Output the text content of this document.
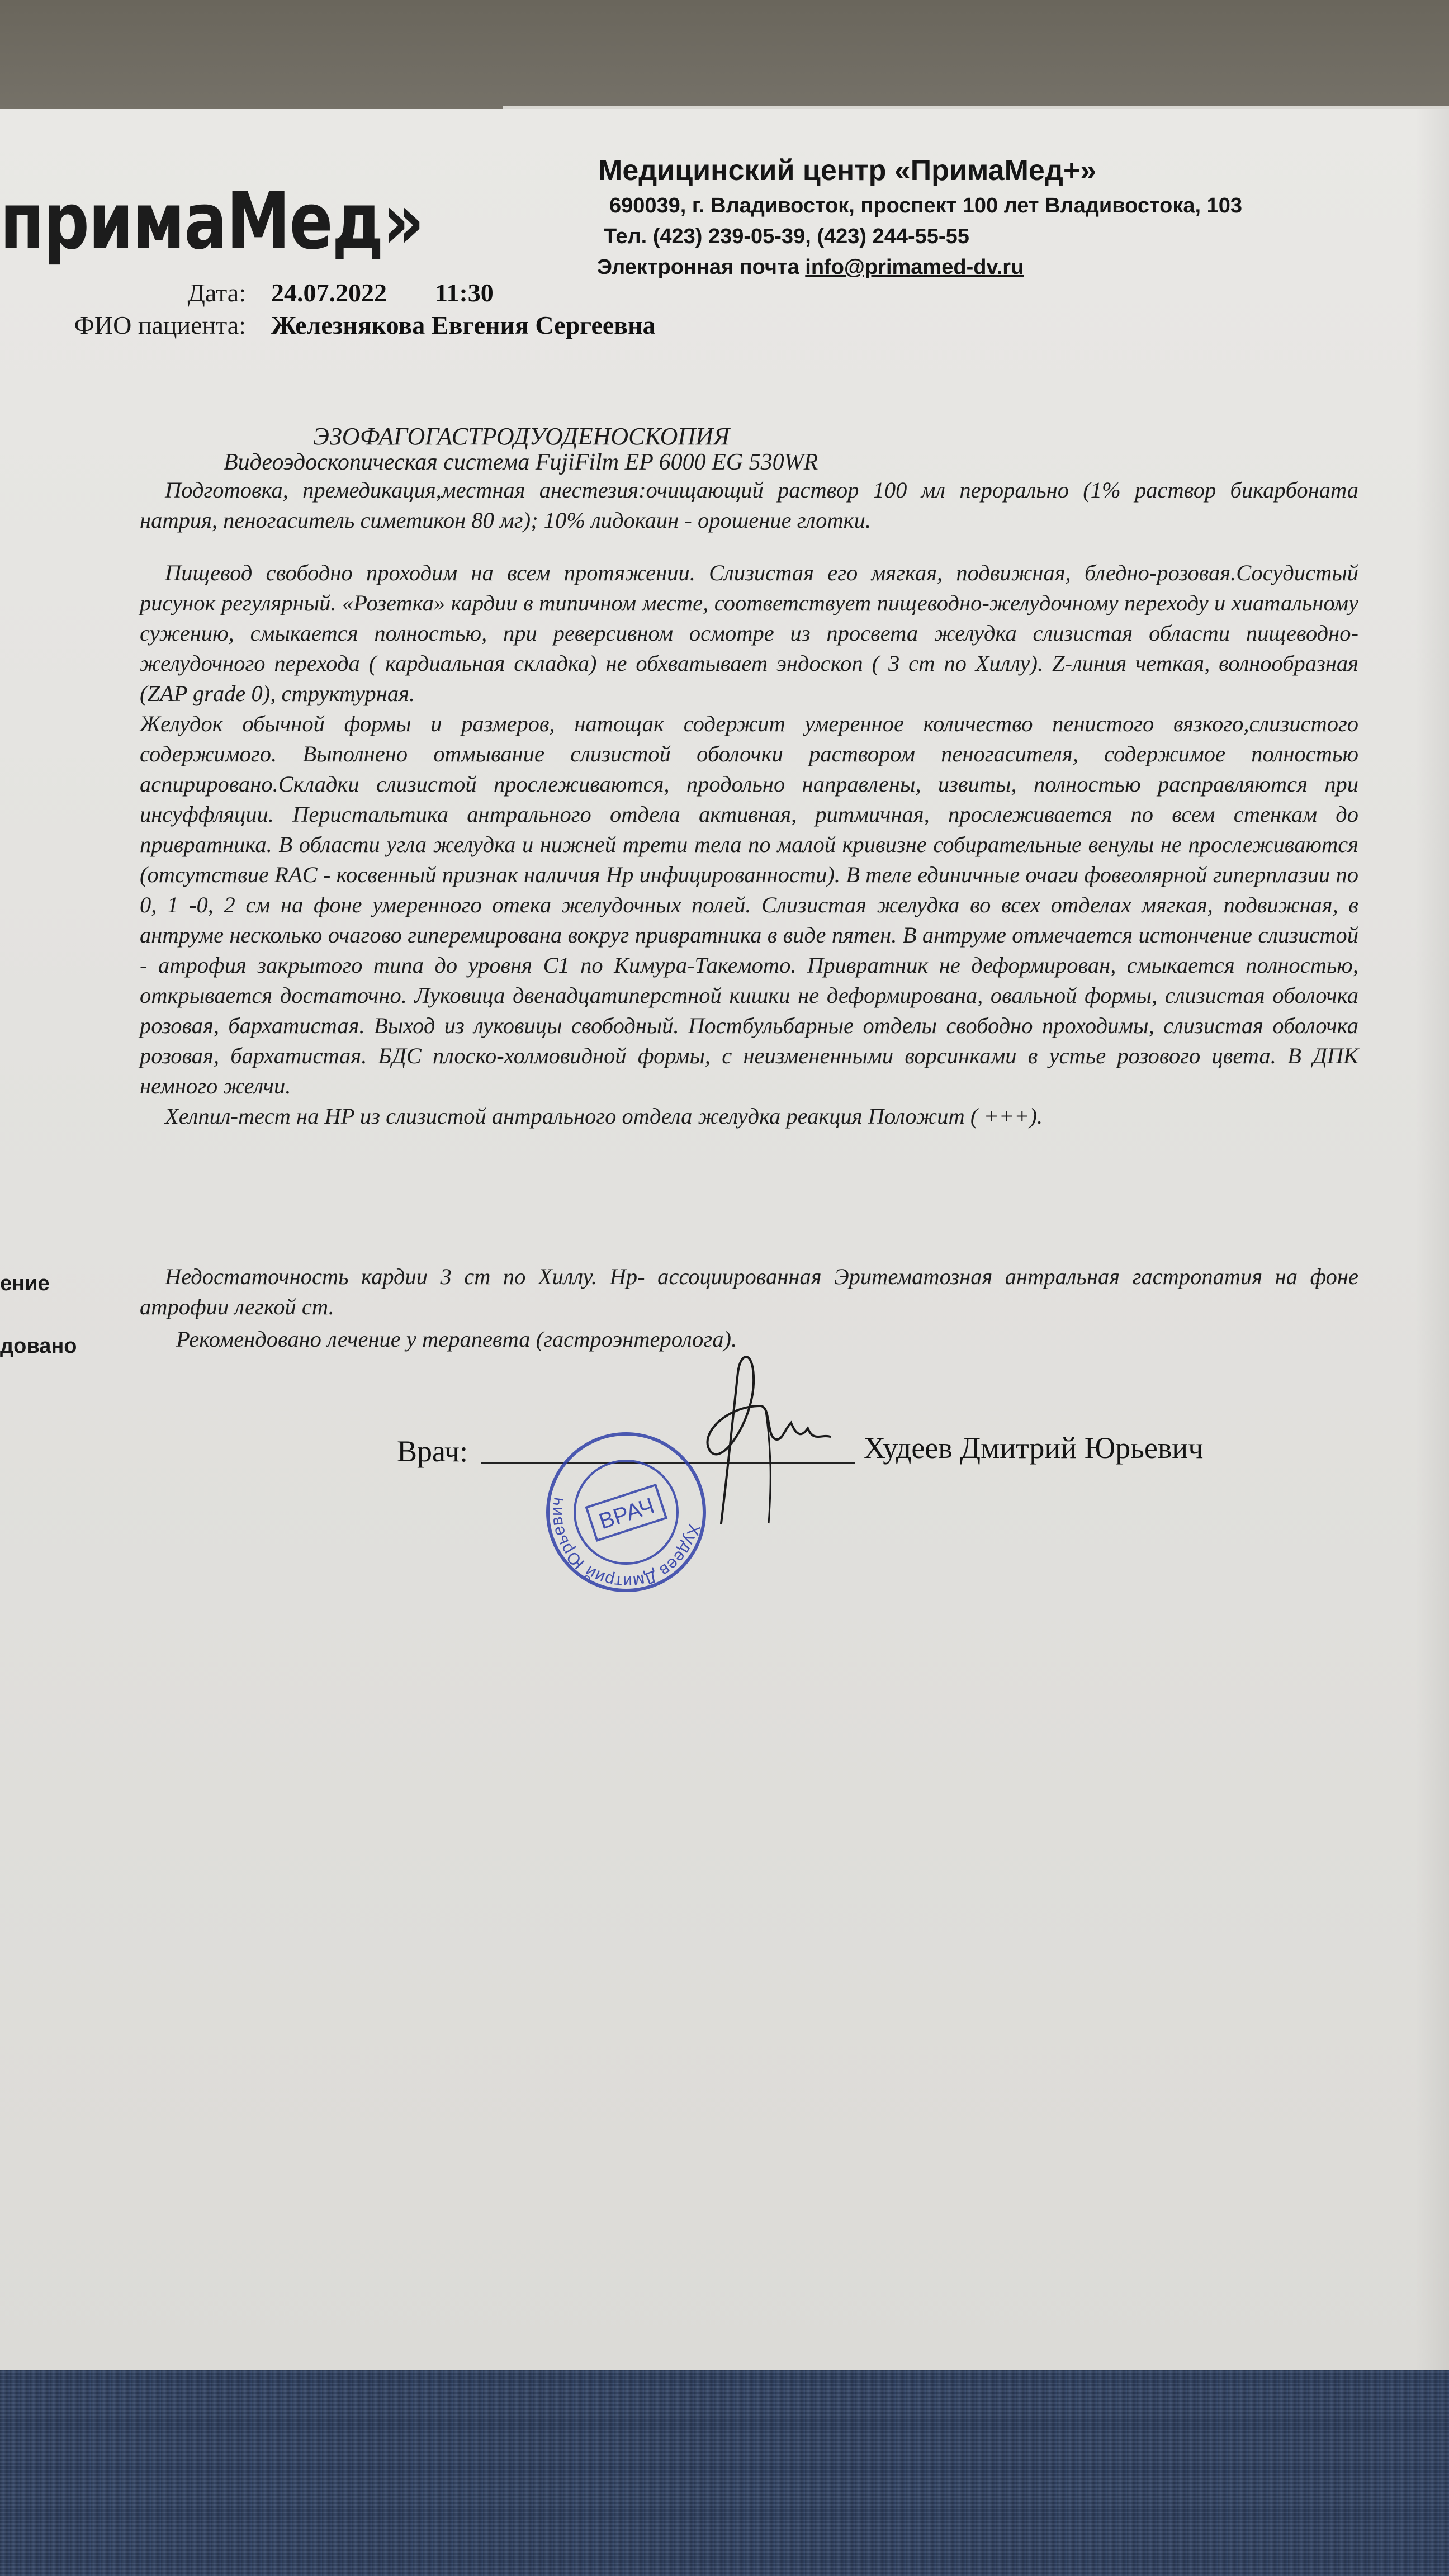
примаМед»
Медицинский центр «ПримаМед+»
690039, г. Владивосток, проспект 100 лет Владивостока, 103
Тел. (423) 239-05-39, (423) 244-55-55
Электронная почта info@primamed-dv.ru
Дата: 24.07.2022 11:30
ФИО пациента: Железнякова Евгения Сергеевна
ЭЗОФАГОГАСТРОДУОДЕНОСКОПИЯ
Видеоэдоскопическая система FujiFilm EP 6000 EG 530WR

Подготовка, премедикация,местная анестезия:очищающий раствор 100 мл перорально (1% раствор бикарбоната натрия, пеногаситель симетикон 80 мг); 10% лидокаин - орошение глотки.

Пищевод свободно проходим на всем протяжении. Слизистая его мягкая, подвижная, бледно-розовая.Сосудистый рисунок регулярный. «Розетка» кардии в типичном месте, соответствует пищеводно-желудочному переходу и хиатальному сужению, смыкается полностью, при реверсивном осмотре из просвета желудка слизистая области пищеводно-желудочного перехода ( кардиальная складка) не обхватывает эндоскоп ( 3 ст по Хиллу). Z-линия четкая, волнообразная (ZAP grade 0), структурная.

Желудок обычной формы и размеров, натощак содержит умеренное количество пенистого вязкого,слизистого содержимого. Выполнено отмывание слизистой оболочки раствором пеногасителя, содержимое полностью аспирировано.Складки слизистой прослеживаются, продольно направлены, извиты, полностью расправляются при инсуффляции. Перистальтика антрального отдела активная, ритмичная, прослеживается по всем стенкам до привратника. В области угла желудка и нижней трети тела по малой кривизне собирательные венулы не прослеживаются (отсутствие RAC - косвенный признак наличия Hp инфицированности). В теле единичные очаги фовеолярной гиперплазии по 0, 1 -0, 2 см на фоне умеренного отека желудочных полей. Слизистая желудка во всех отделах мягкая, подвижная, в антруме несколько очагово гиперемирована вокруг привратника в виде пятен. В антруме отмечается истончение слизистой - атрофия закрытого типа до уровня С1 по Кимура-Такемото. Привратник не деформирован, смыкается полностью, открывается достаточно. Луковица двенадцатиперстной кишки не деформирована, овальной формы, слизистая оболочка розовая, бархатистая. Выход из луковицы свободный. Постбульбарные отделы свободно проходимы, слизистая оболочка розовая, бархатистая. БДС плоско-холмовидной формы, с неизмененными ворсинками в устье розового цвета. В ДПК немного желчи.

Хелпил-тест на HP из слизистой антрального отдела желудка реакция Положит ( +++).

ение	Недостаточность кардии 3 ст по Хиллу. Hp- ассоциированная Эритематозная антральная гастропатия на фоне атрофии легкой ст.

довано	Рекомендовано лечение у терапевта (гастроэнтеролога).

Врач:	Худеев Дмитрий Юрьевич
Худеев Дмитрий Юрьевич	ВРАЧ
